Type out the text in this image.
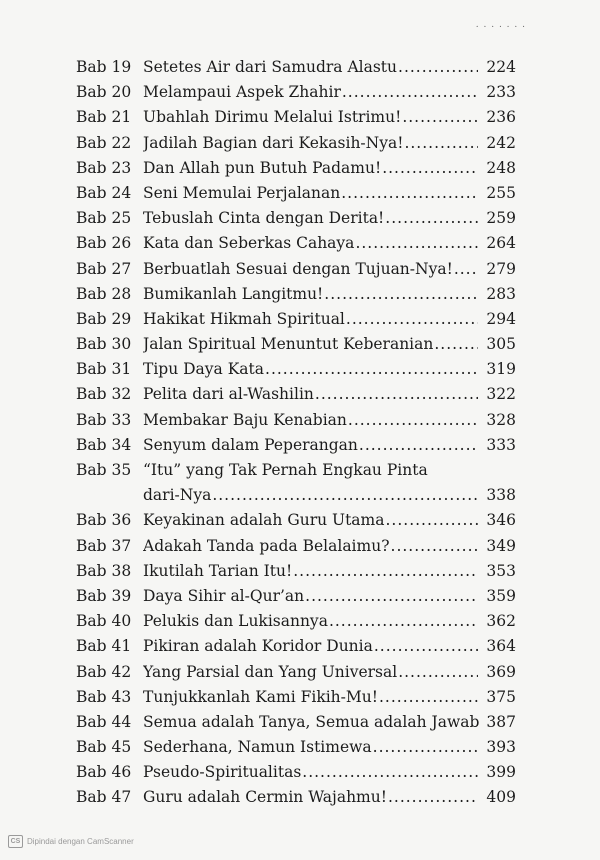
. . . . . . .
Bab 19 Setetes Air dari Samudra Alastu .....	224
Bab 20 Melampaui Aspek Zhahir .....	233
Bab 21 Ubahlah Dirimu Melalui Istrimu! .....	236
Bab 22 Jadilah Bagian dari Kekasih-Nya! .....	242
Bab 23 Dan Allah pun Butuh Padamu! .....	248
Bab 24 Seni Memulai Perjalanan .....	255
Bab 25 Tebuslah Cinta dengan Derita! .....	259
Bab 26 Kata dan Seberkas Cahaya .....	264
Bab 27 Berbuatlah Sesuai dengan Tujuan-Nya! ..... 279
Bab 28 Bumikanlah Langitmu! .....	283
Bab 29 Hakikat Hikmah Spiritual .....	294
Bab 30 Jalan Spiritual Menuntut Keberanian .....	305
Bab 31 Tipu Daya Kata .....	319
Bab 32 Pelita dari al-Washilin .....	322
Bab 33 Membakar Baju Kenabian .....	328
Bab 34 Senyum dalam Peperangan .....	333
Bab 35 “Itu” yang Tak Pernah Engkau Pinta
dari-Nya .....	338
Bab 36 Keyakinan adalah Guru Utama .....	346
Bab 37 Adakah Tanda pada Belalaimu? .....	349
Bab 38 Ikutilah Tarian Itu! .....	353
Bab 39 Daya Sihir al-Qur’an .....	359
Bab 40 Pelukis dan Lukisannya .....	362
Bab 41 Pikiran adalah Koridor Dunia .....	364
Bab 42 Yang Parsial dan Yang Universal .....	369
Bab 43 Tunjukkanlah Kami Fikih-Mu! .....	375
Bab 44 Semua adalah Tanya, Semua adalah Jawab 387
Bab 45 Sederhana, Namun Istimewa .....	393
Bab 46 Pseudo-Spiritualitas .....	399
Bab 47 Guru adalah Cermin Wajahmu! .....	409
CS Dipindai dengan CamScanner
